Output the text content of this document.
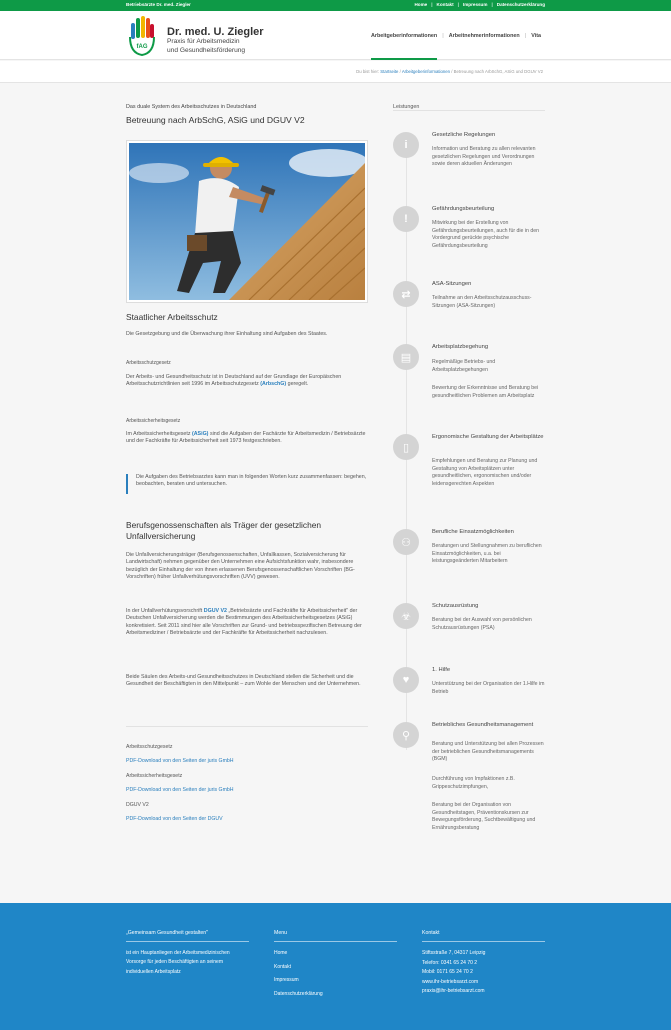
Betriebsärzte Dr. med. Ziegler	Home | Kontakt | Impressum | Datenschutzerklärung
fAG
Dr. med. U. Ziegler
Praxis für Arbeitsmedizin
und Gesundheitsförderung
Arbeitgeberinformationen | Arbeitnehmerinformationen | Vita
Du bist hier: Startseite / Arbeitgeberinformationen / Betreuung nach ArbSchG, ASiG und DGUV V2
Das duale System des Arbeitsschutzes in Deutschland
Betreuung nach ArbSchG, ASiG und DGUV V2
Staatlicher Arbeitsschutz
Die Gesetzgebung und die Überwachung ihrer Einhaltung sind Aufgaben des Staates.
Arbeitsschutzgesetz
Der Arbeits- und Gesundheitsschutz ist in Deutschland auf der Grundlage der Europäischen Arbeitsschutzrichtlinien seit 1996 im Arbeitsschutzgesetz (ArbschG) geregelt.
Arbeitssicherheitsgesetz
Im Arbeitssicherheitsgesetz (ASiG) sind die Aufgaben der Fachärzte für Arbeitsmedizin / Betriebsärzte und der Fachkräfte für Arbeitssicherheit seit 1973 festgeschrieben.
Die Aufgaben des Betriebsarztes kann man in folgenden Worten kurz zusammenfassen: begehen, beobachten, beraten und untersuchen.
Berufsgenossenschaften als Träger der gesetzlichen Unfallversicherung
Die Unfallversicherungsträger (Berufsgenossenschaften, Unfallkassen, Sozialversicherung für Landwirtschaft) nehmen gegenüber den Unternehmen eine Aufsichtsfunktion wahr, insbesondere bezüglich der Einhaltung der von ihnen erlassenen Berufsgenossenschaftlichen Vorschriften (BG-Vorschriften) früher Unfallverhütungsvorschriften (UVV) gewesen.
In der Unfallverhütungsvorschrift DGUV V2 „Betriebsärzte und Fachkräfte für Arbeitssicherheit" der Deutschen Unfallversicherung werden die Bestimmungen des Arbeitssicherheitsgesetzes (ASiG) konkretisiert. Seit 2011 sind hier alle Vorschriften zur Grund- und betriebsspezifischen Betreuung der Arbeitsmediziner / Betriebsärzte und der Fachkräfte für Arbeitssicherheit nachzulesen.
Beide Säulen des Arbeits-und Gesundheitsschutzes in Deutschland stellen die Sicherheit und die Gesundheit der Beschäftigten in den Mittelpunkt – zum Wohle der Menschen und der Unternehmen.
Arbeitsschutzgesetz
PDF-Download von den Seiten der juris GmbH
Arbeitssicherheitsgesetz
PDF-Download von den Seiten der juris GmbH
DGUV V2
PDF-Download von den Seiten der DGUV
Leistungen
i
Gesetzliche Regelungen
Information und Beratung zu allen relevanten gesetzlichen Regelungen und Verordnungen sowie deren aktuellen Änderungen
!
Gefährdungsbeurteilung
Mitwirkung bei der Erstellung von Gefährdungsbeurteilungen, auch für die in den Vordergrund gerückte psychische Gefährdungsbeurteilung
⇄
ASA-Sitzungen
Teilnahme an den Arbeitsschutzausschuss-Sitzungen (ASA-Sitzungen)
▤
Arbeitsplatzbegehung
Regelmäßige Betriebs- und Arbeitsplatzbegehungen
Bewertung der Erkenntnisse und Beratung bei gesundheitlichen Problemen am Arbeitsplatz
▯
Ergonomische Gestaltung der Arbeitsplätze
Empfehlungen und Beratung zur Planung und Gestaltung von Arbeitsplätzen unter gesundheitlichen, ergonomischen und/oder leidensgerechten Aspekten
⚇
Berufliche Einsatzmöglichkeiten
Beratungen und Stellungnahmen zu beruflichen Einsatzmöglichkeiten, u.a. bei leistungsgeänderten Mitarbeitern
☣
Schutzausrüstung
Beratung bei der Auswahl von persönlichen Schutzausrüstungen (PSA)
♥
1. Hilfe
Unterstützung bei der Organisation der 1.Hilfe im Betrieb
⚲
Betriebliches Gesundheitsmanagement
Beratung und Unterstützung bei allen Prozessen der betrieblichen Gesundheitsmanagements (BGM)
Durchführung von Impfaktionen z.B. Grippeschutzimpfungen,
Beratung bei der Organisation von Gesundheitstagen, Präventionskursen zur Bewegungsförderung, Suchtbewältigung und Ernährungsberatung
„Gemeinsam Gesundheit gestalten"
ist ein Hauptanliegen der Arbeitsmedizinischen Vorsorge für jeden Beschäftigten an seinem individuellen Arbeitsplatz
Menu
Home
Kontakt
Impressum
Datenschutzerklärung
Kontakt
Stiftsstraße 7, 04317 Leipzig
Telefon: 0341 65 24 70 2
Mobil: 0171 65 24 70 2
www.ihr-betriebsarzt.com
praxis@ihr-betriebsarzt.com
